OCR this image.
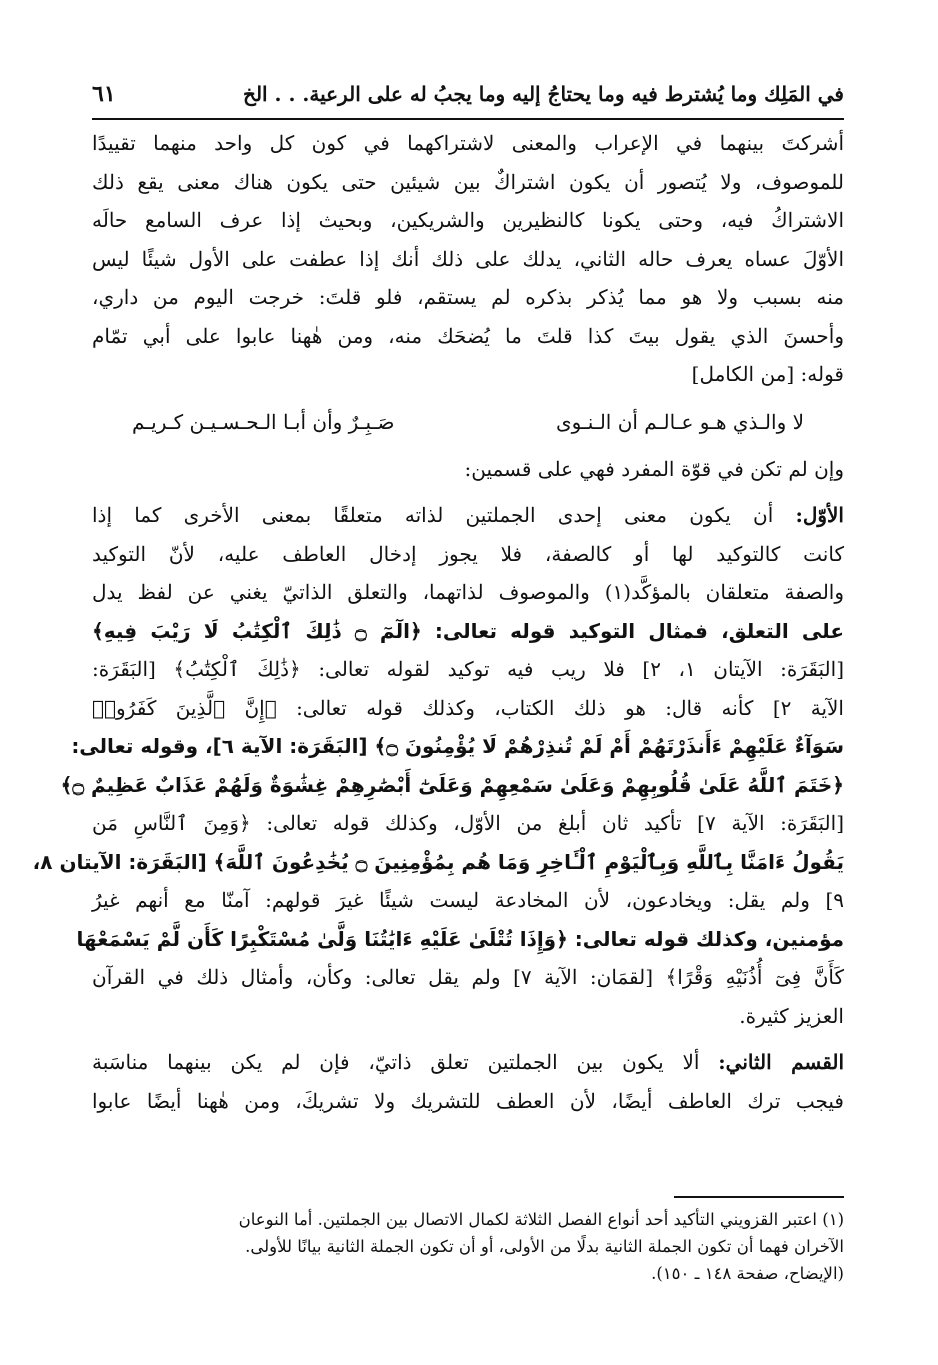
في المَلِك وما يُشترط فيه وما يحتاجُ إليه وما يجبُ له على الرعية. . . الخ
٦١
أشركتَ بينهما في الإعراب والمعنى لاشتراكهما في كون كل واحد منهما تقييدًا
للموصوف، ولا يُتصور أن يكون اشتراكٌ بين شيئين حتى يكون هناك معنى يقع ذلك
الاشتراكُ فيه، وحتى يكونا كالنظيرين والشريكين، وبحيث إذا عرف السامع حالَه
الأوّلَ عساه يعرف حاله الثاني، يدلك على ذلك أنك إذا عطفت على الأول شيئًا ليس
منه بسبب ولا هو مما يُذكر بذكره لم يستقم، فلو قلتَ: خرجت اليوم من داري،
وأحسنَ الذي يقول بيتَ كذا قلتَ ما يُضحَك منه، ومن هٰهنا عابوا على أبي تمّام
قوله: [من الكامل]
لا والـذي هـو عـالـم أن الـنـوى
صَـبِـرٌ وأن أبـا الـحـسـيـن كـريـم
وإن لم تكن في قوّة المفرد فهي على قسمين:
الأوّل: أن يكون معنى إحدى الجملتين لذاته متعلقًا بمعنى الأخرى كما إذا
كانت كالتوكيد لها أو كالصفة، فلا يجوز إدخال العاطف عليه، لأنّ التوكيد
والصفة متعلقان بالمؤكَّد(١) والموصوف لذاتهما، والتعلق الذاتيّ يغني عن لفظ يدل
على التعلق، فمثال التوكيد قوله تعالى: ﴿الٓمٓ ۝ ذَٰلِكَ ٱلْكِتَٰبُ لَا رَيْبَ فِيهِ﴾
[البَقَرَة: الآيتان ١، ٢] فلا ريب فيه توكيد لقوله تعالى: ﴿ذَٰلِكَ ٱلْكِتَٰبُ﴾ [البَقَرَة:
الآية ٢] كأنه قال: هو ذلك الكتاب، وكذلك قوله تعالى: ﴿إِنَّ ٱلَّذِينَ كَفَرُوا۟
سَوَآءٌ عَلَيْهِمْ ءَأَنذَرْتَهُمْ أَمْ لَمْ تُنذِرْهُمْ لَا يُؤْمِنُونَ ۝﴾ [البَقَرَة: الآية ٦]، وقوله تعالى:
﴿خَتَمَ ٱللَّهُ عَلَىٰ قُلُوبِهِمْ وَعَلَىٰ سَمْعِهِمْ وَعَلَىٰٓ أَبْصَٰرِهِمْ غِشَٰوَةٌ وَلَهُمْ عَذَابٌ عَظِيمٌ ۝﴾
[البَقَرَة: الآية ٧] تأكيد ثان أبلغ من الأوّل، وكذلك قوله تعالى: ﴿وَمِنَ ٱلنَّاسِ مَن
يَقُولُ ءَامَنَّا بِٱللَّهِ وَبِٱلْيَوْمِ ٱلْـَٔاخِرِ وَمَا هُم بِمُؤْمِنِينَ ۝ يُخَٰدِعُونَ ٱللَّهَ﴾ [البَقَرَة: الآيتان ٨،
٩] ولم يقل: ويخادعون، لأن المخادعة ليست شيئًا غيرَ قولهم: آمنّا مع أنهم غيرُ
مؤمنين، وكذلك قوله تعالى: ﴿وَإِذَا تُتْلَىٰ عَلَيْهِ ءَايَٰتُنَا وَلَّىٰ مُسْتَكْبِرًا كَأَن لَّمْ يَسْمَعْهَا
كَأَنَّ فِىٓ أُذُنَيْهِ وَقْرًا﴾ [لقمَان: الآية ٧] ولم يقل تعالى: وكأن، وأمثال ذلك في القرآن
العزيز كثيرة.
القسم الثاني: ألا يكون بين الجملتين تعلق ذاتيّ، فإن لم يكن بينهما مناسَبة
فيجب ترك العاطف أيضًا، لأن العطف للتشريك ولا تشريكَ، ومن هٰهنا أيضًا عابوا
(١) اعتبر القزويني التأكيد أحد أنواع الفصل الثلاثة لكمال الاتصال بين الجملتين. أما النوعان
الآخران فهما أن تكون الجملة الثانية بدلًا من الأولى، أو أن تكون الجملة الثانية بيانًا للأولى.
(الإيضاح، صفحة ١٤٨ ـ ١٥٠).
